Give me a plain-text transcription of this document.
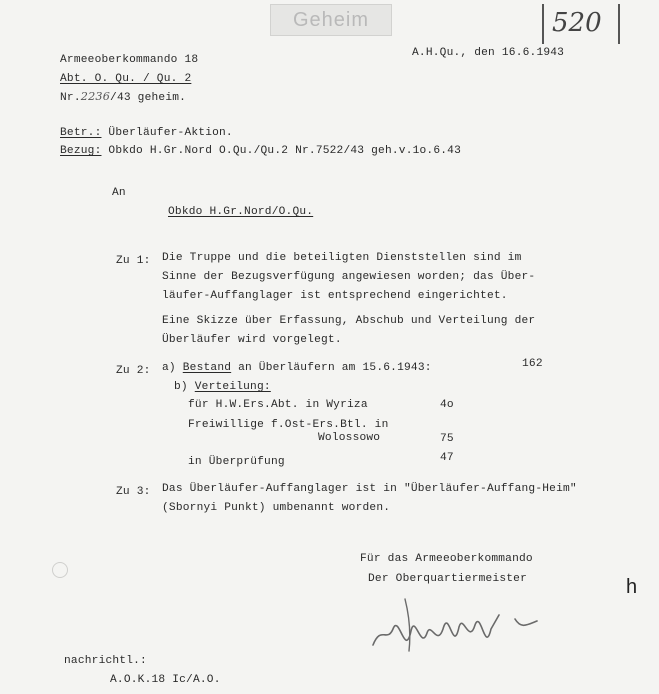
Geheim	520
Armeeoberkommando 18
A.H.Qu., den 16.6.1943
Abt. O. Qu. / Qu. 2
Nr.2236/43 geheim.
Betr.: Überläufer-Aktion.
Bezug: Obkdo H.Gr.Nord O.Qu./Qu.2 Nr.7522/43 geh.v.1o.6.43
An
Obkdo H.Gr.Nord/O.Qu.
Zu 1: Die Truppe und die beteiligten Dienststellen sind im
Sinne der Bezugsverfügung angewiesen worden; das Über-
läufer-Auffanglager ist entsprechend eingerichtet.
Eine Skizze über Erfassung, Abschub und Verteilung der
Überläufer wird vorgelegt.
Zu 2: a) Bestand an Überläufern am 15.6.1943:	162
b) Verteilung:
für H.W.Ers.Abt. in Wyriza	4o
Freiwillige f.Ost-Ers.Btl. in
Wolossowo	75
in Überprüfung	47
Zu 3: Das Überläufer-Auffanglager ist in "Überläufer-Auffang-Heim"
(Sbornyi Punkt) umbenannt worden.
Für das Armeeoberkommando
Der Oberquartiermeister	h
nachrichtl.:
A.O.K.18 Ic/A.O.
